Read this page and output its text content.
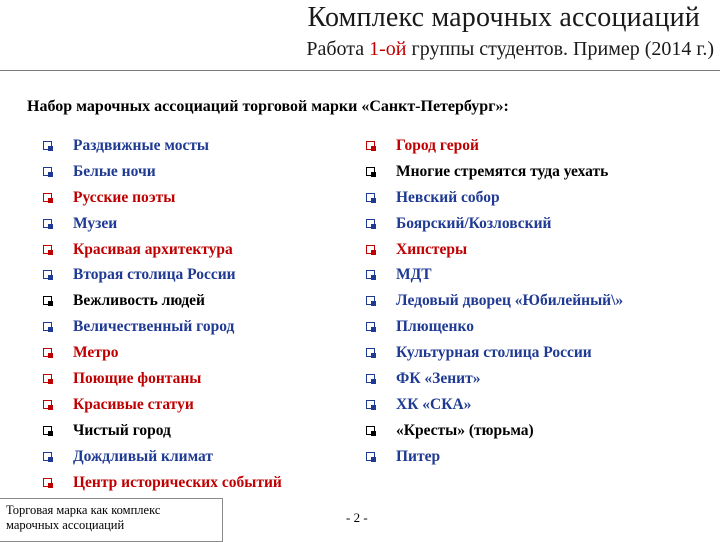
Комплекс марочных ассоциаций
Работа 1-ой группы студентов. Пример (2014 г.)
Набор марочных ассоциаций торговой марки «Санкт-Петербург»:
Раздвижные мосты
Белые ночи
Русские поэты
Музеи
Красивая архитектура
Вторая столица России
Вежливость людей
Величественный город
Метро
Поющие фонтаны
Красивые статуи
Чистый город
Дождливый климат
Центр исторических событий
Город герой
Многие стремятся туда уехать
Невский собор
Боярский/Козловский
Хипстеры
МДТ
Ледовый дворец «Юбилейный\»
Плющенко
Культурная столица России
ФК «Зенит»
ХК «СКА»
«Кресты» (тюрьма)
Питер
Торговая марка как комплекс марочных ассоциаций	- 2 -
